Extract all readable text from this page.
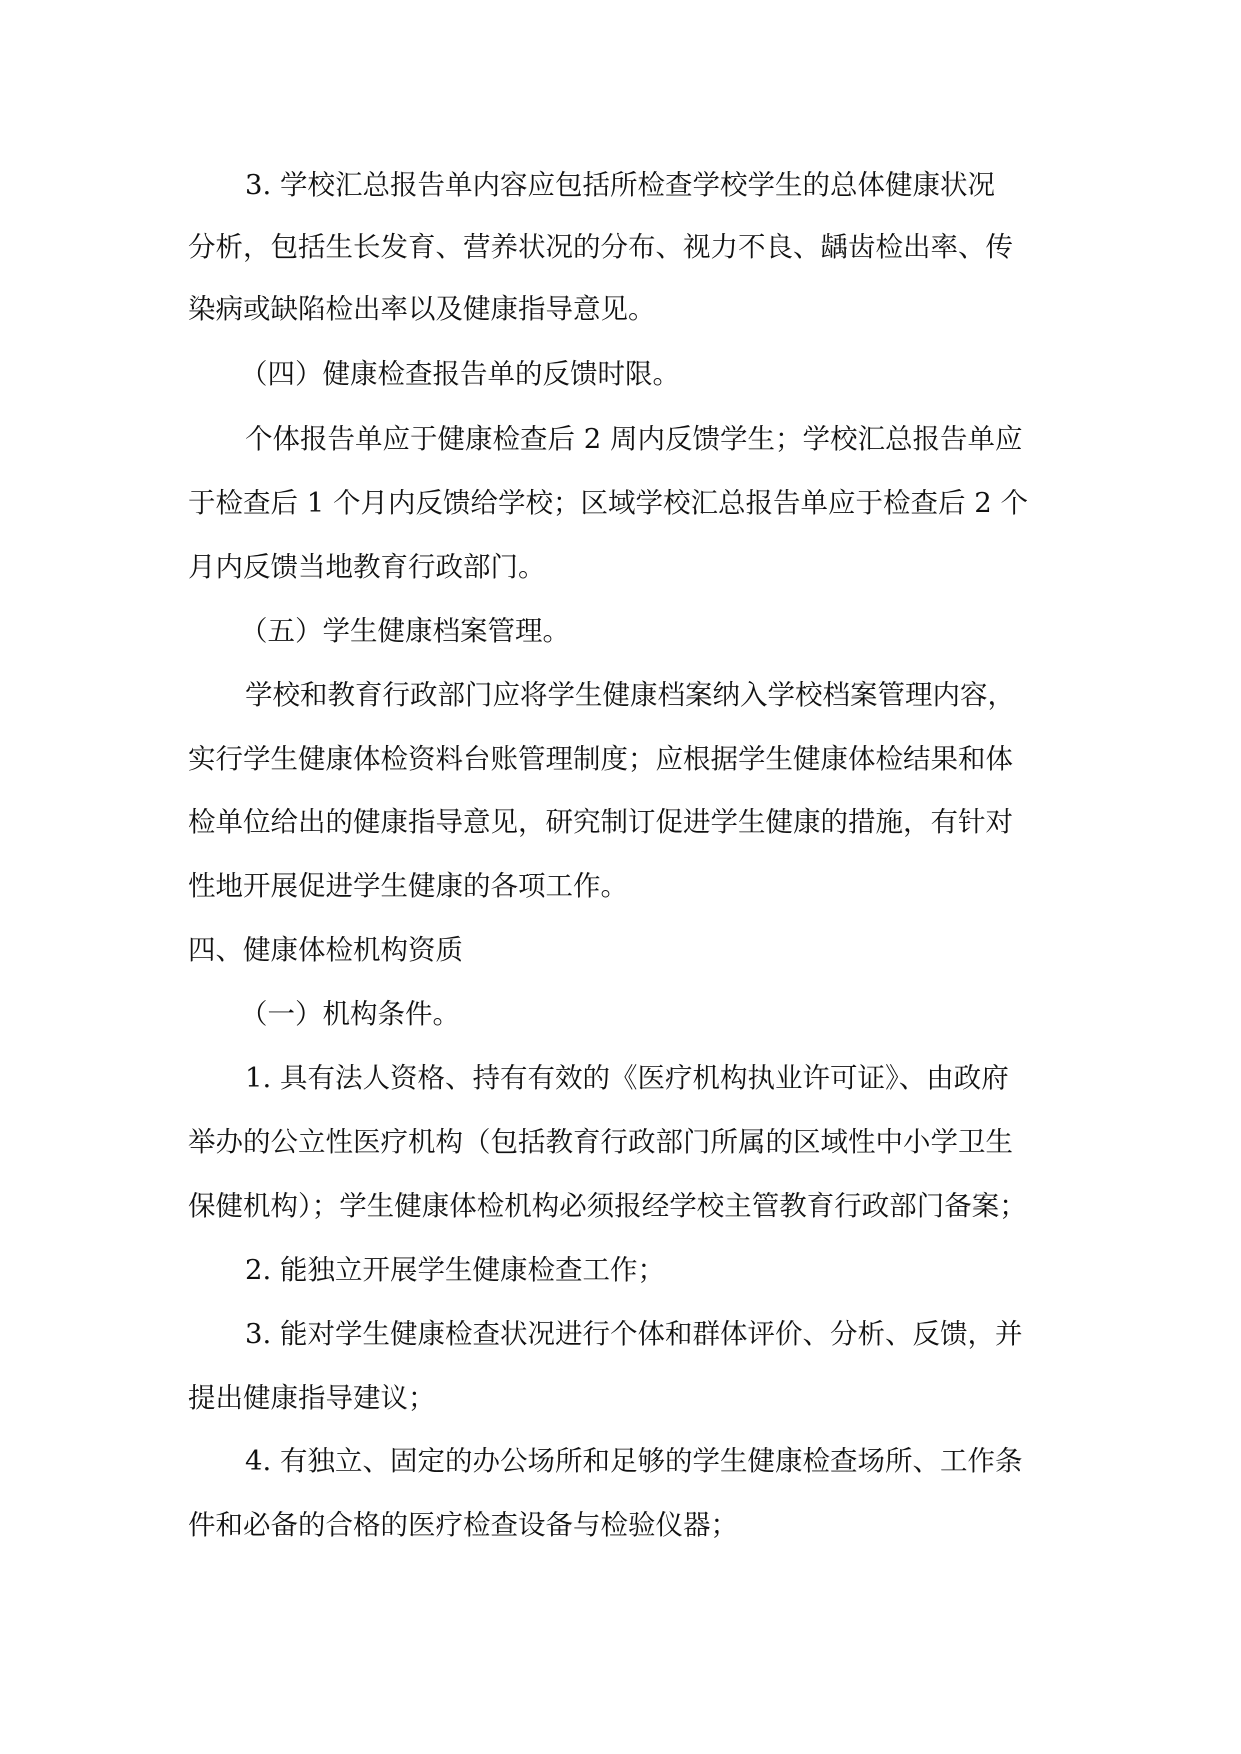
3. 学校汇总报告单内容应包括所检查学校学生的总体健康状况

分析，包括生长发育、营养状况的分布、视力不良、龋齿检出率、传

染病或缺陷检出率以及健康指导意见。

（四）健康检查报告单的反馈时限。

个体报告单应于健康检查后 2 周内反馈学生；学校汇总报告单应

于检查后 1 个月内反馈给学校；区域学校汇总报告单应于检查后 2 个

月内反馈当地教育行政部门。

（五）学生健康档案管理。

学校和教育行政部门应将学生健康档案纳入学校档案管理内容，

实行学生健康体检资料台账管理制度；应根据学生健康体检结果和体

检单位给出的健康指导意见，研究制订促进学生健康的措施，有针对

性地开展促进学生健康的各项工作。

四、健康体检机构资质

（一）机构条件。

1. 具有法人资格、持有有效的《医疗机构执业许可证》、由政府

举办的公立性医疗机构（包括教育行政部门所属的区域性中小学卫生

保健机构）；学生健康体检机构必须报经学校主管教育行政部门备案；

2. 能独立开展学生健康检查工作；

3. 能对学生健康检查状况进行个体和群体评价、分析、反馈，并

提出健康指导建议；

4. 有独立、固定的办公场所和足够的学生健康检查场所、工作条

件和必备的合格的医疗检查设备与检验仪器；
